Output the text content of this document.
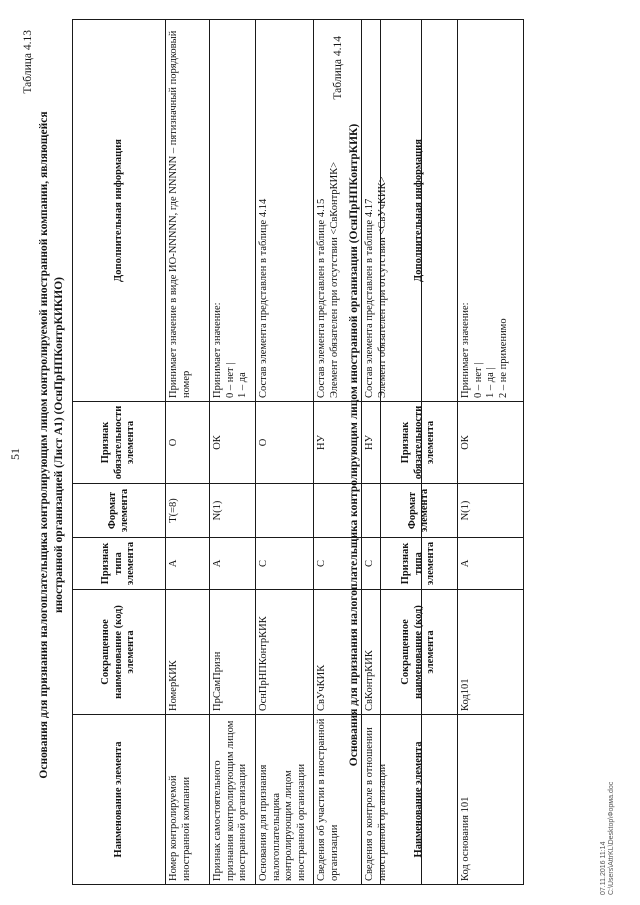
51
Таблица 4.13
Основания для признания налогоплательщика контролирующим лицом контролируемой иностранной компании, являющейся иностранной организацией (Лист А1) (ОснПрНПКонтрКИКИО)
Наименование элемента	Сокращенное наименование (код) элемента	Признак типа элемента	Формат элемента	Признак обязательности элемента	Дополнительная информация
Номер контролируемой иностранной компании	НомерКИК	А	T(=8)	О	Принимает значение в виде ИО-NNNNN, где NNNNN – пятизначный порядковый номер
Признак самостоятельного признания контролирующим лицом иностранной организации	ПрСамПризн	А	N(1)	ОК	Принимает значение:
0 – нет |
1 – да
Основания для признания налогоплательщика контролирующим лицом иностранной организации	ОснПрНПКонтрКИК	С		О	Состав элемента представлен в таблице 4.14
Сведения об участии в иностранной организации	СвУчКИК	С		НУ	Состав элемента представлен в таблице 4.15
Элемент обязателен при отсутствии <СвКонтрКИК>
Сведения о контроле в отношении иностранной организации	СвКонтрКИК	С		НУ	Состав элемента представлен в таблице 4.17
Элемент обязателен при отсутствии <СвУчКИК>
Таблица 4.14
Основания для признания налогоплательщика контролирующим лицом иностранной организации (ОснПрНПКонтрКИК)
Наименование элемента	Сокращенное наименование (код) элемента	Признак типа элемента	Формат элемента	Признак обязательности элемента	Дополнительная информация
Код основания 101	Код101	А	N(1)	ОК	Принимает значение:
0 – нет |
1 – да |
2 – не применимо
07.11.2016 11:14 C:\Users\AttrKL\Desktop\Форма.doc
